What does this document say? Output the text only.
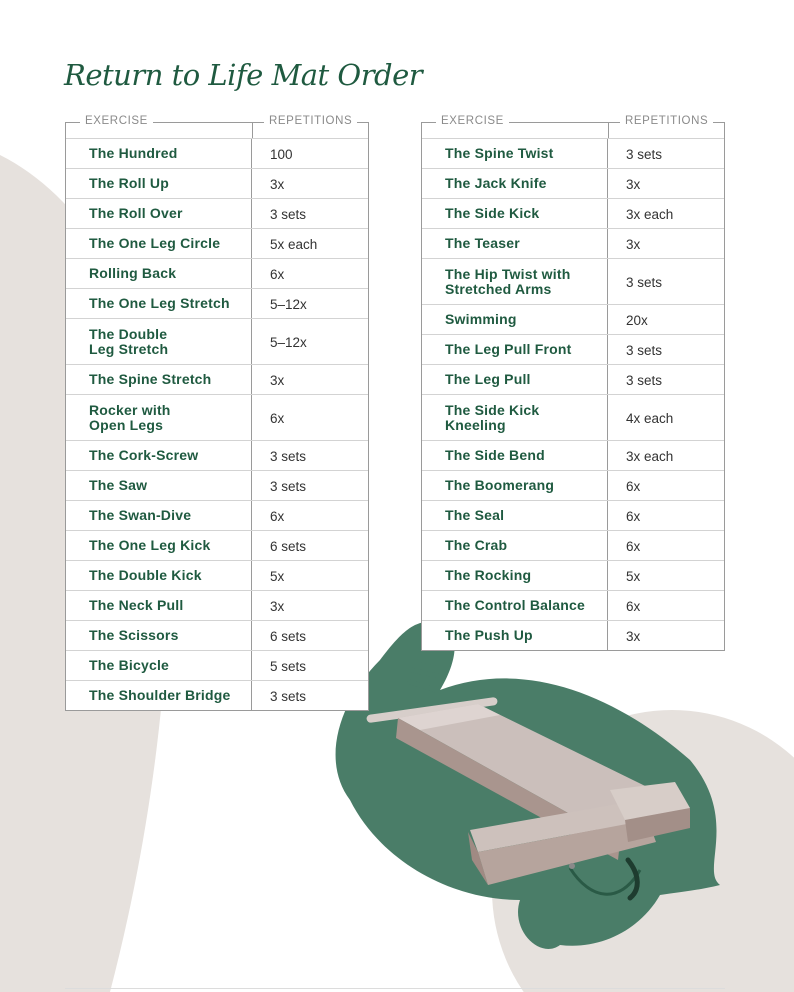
Return to Life Mat Order
EXERCISE	REPETITIONS
The Hundred	100
The Roll Up	3x
The Roll Over	3 sets
The One Leg Circle	5x each
Rolling Back	6x
The One Leg Stretch	5–12x
The Double
Leg Stretch	5–12x
The Spine Stretch	3x
Rocker with
Open Legs	6x
The Cork-Screw	3 sets
The Saw	3 sets
The Swan-Dive	6x
The One Leg Kick	6 sets
The Double Kick	5x
The Neck Pull	3x
The Scissors	6 sets
The Bicycle	5 sets
The Shoulder Bridge	3 sets
EXERCISE	REPETITIONS
The Spine Twist	3 sets
The Jack Knife	3x
The Side Kick	3x each
The Teaser	3x
The Hip Twist with
Stretched Arms	3 sets
Swimming	20x
The Leg Pull Front	3 sets
The Leg Pull	3 sets
The Side Kick
Kneeling	4x each
The Side Bend	3x each
The Boomerang	6x
The Seal	6x
The Crab	6x
The Rocking	5x
The Control Balance	6x
The Push Up	3x
